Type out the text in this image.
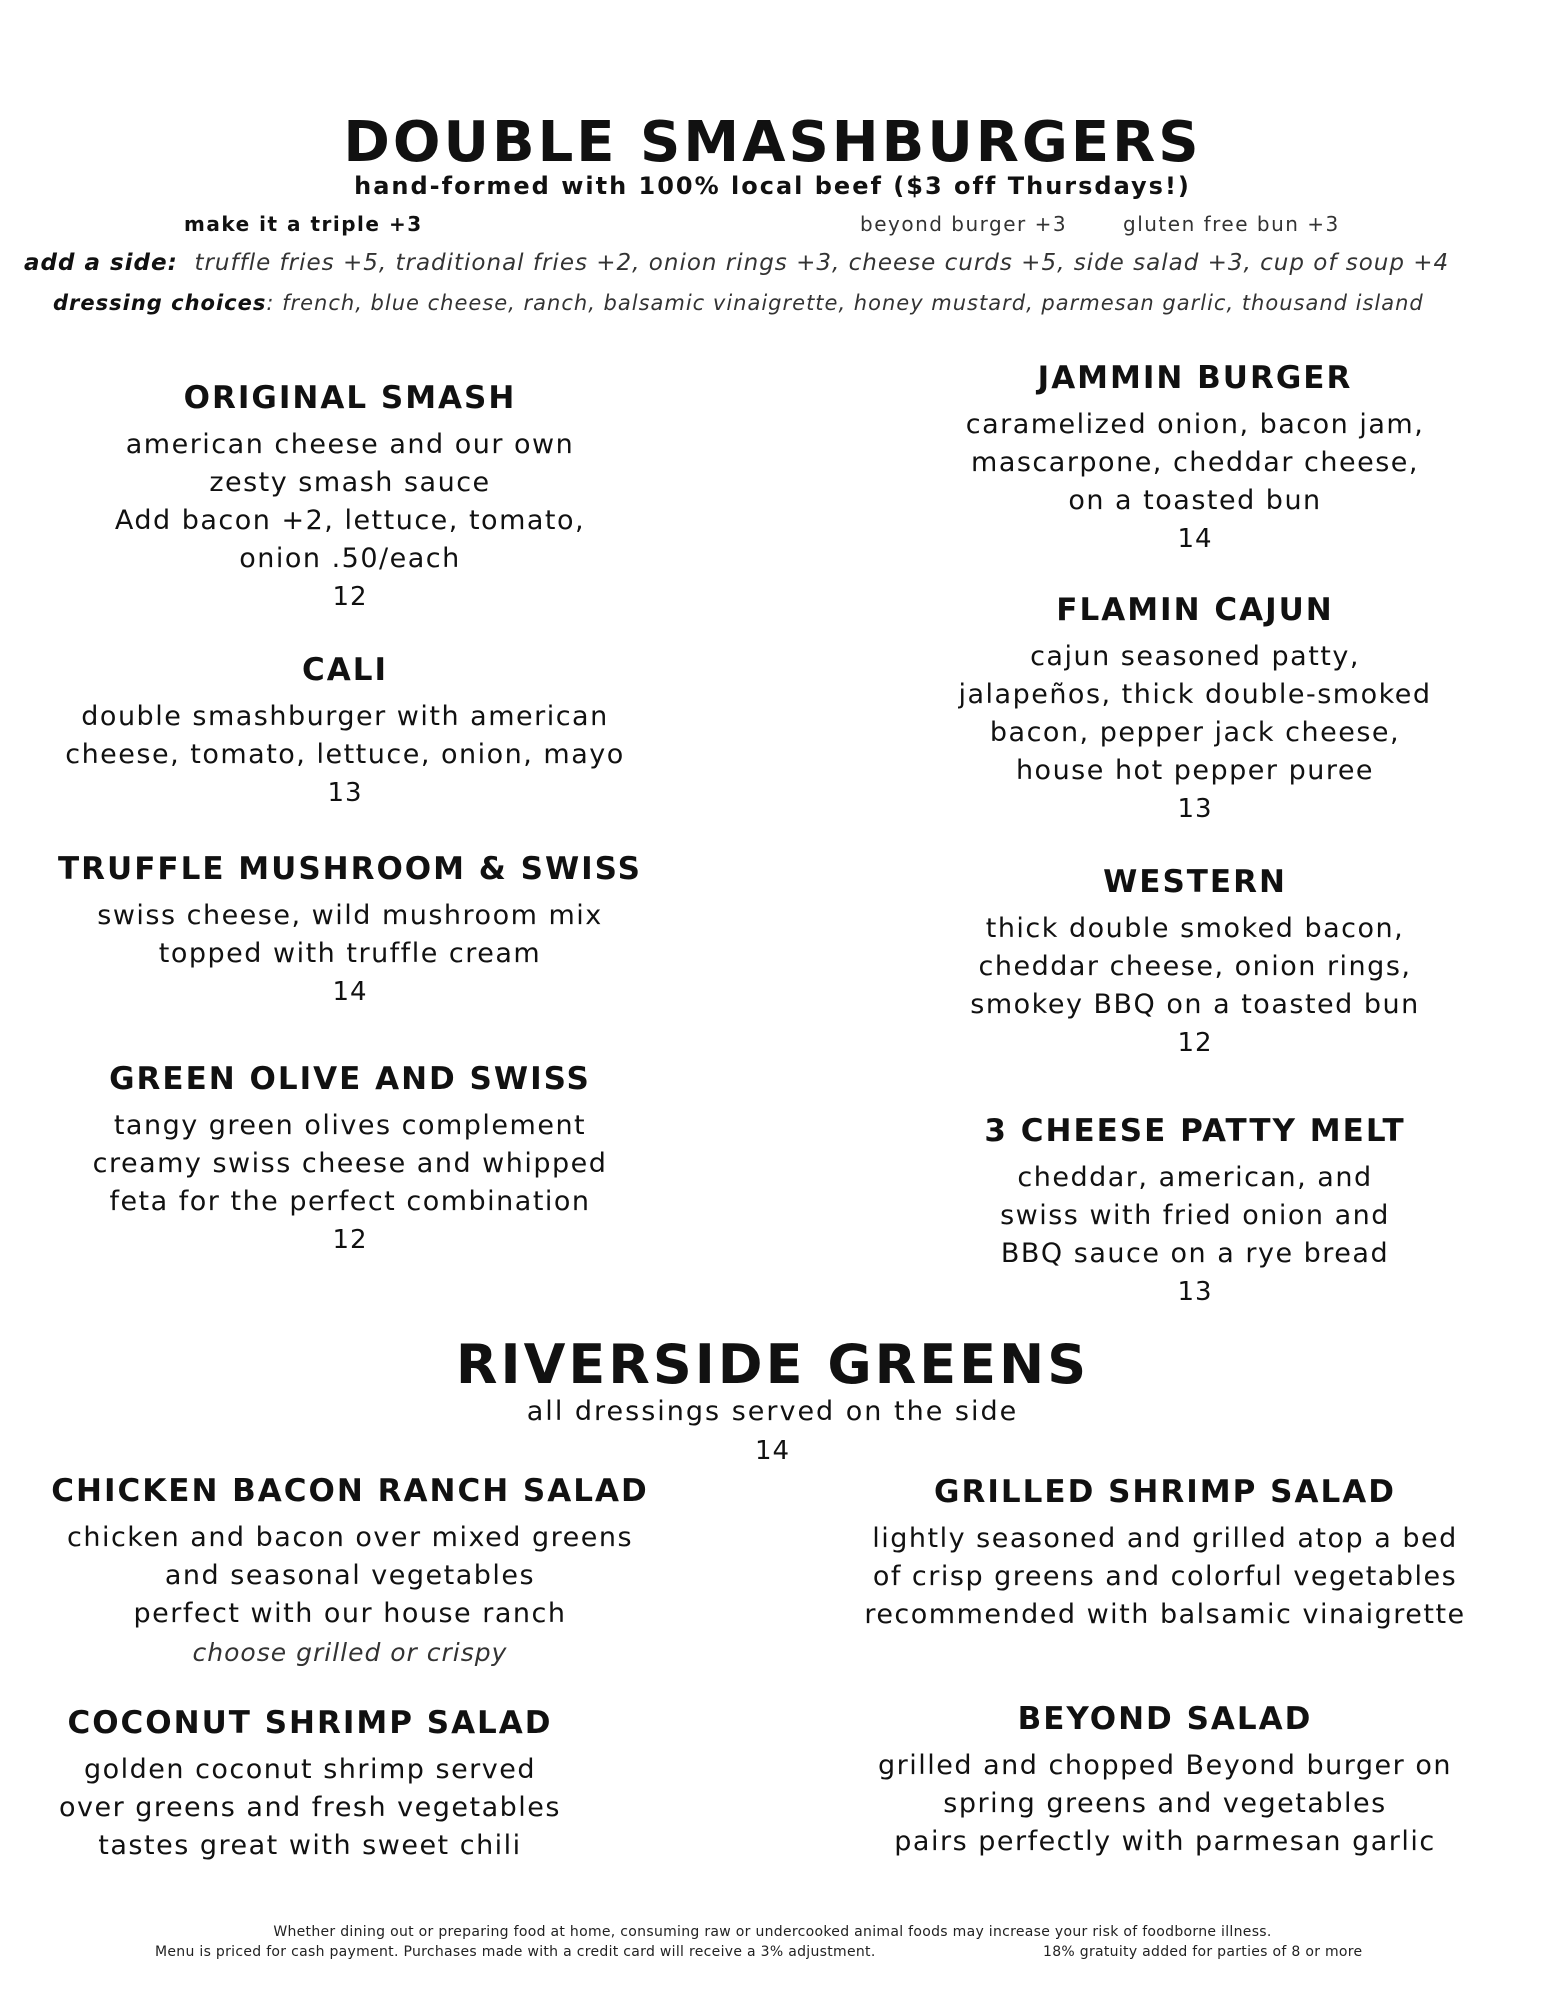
DOUBLE SMASHBURGERS
hand-formed with 100% local beef ($3 off Thursdays!)
make it a triple +3	beyond burger +3	gluten free bun +3
add a side: truffle fries +5, traditional fries +2, onion rings +3, cheese curds +5, side salad +3, cup of soup +4
dressing choices: french, blue cheese, ranch, balsamic vinaigrette, honey mustard, parmesan garlic, thousand island
ORIGINAL SMASH
american cheese and our own
zesty smash sauce
Add bacon +2, lettuce, tomato,
onion .50/each
12
CALI
double smashburger with american
cheese, tomato, lettuce, onion, mayo
13
TRUFFLE MUSHROOM & SWISS
swiss cheese, wild mushroom mix
topped with truffle cream
14
GREEN OLIVE AND SWISS
tangy green olives complement
creamy swiss cheese and whipped
feta for the perfect combination
12
JAMMIN BURGER
caramelized onion, bacon jam,
mascarpone, cheddar cheese,
on a toasted bun
14
FLAMIN CAJUN
cajun seasoned patty,
jalapeños, thick double-smoked
bacon, pepper jack cheese,
house hot pepper puree
13
WESTERN
thick double smoked bacon,
cheddar cheese, onion rings,
smokey BBQ on a toasted bun
12
3 CHEESE PATTY MELT
cheddar, american, and
swiss with fried onion and
BBQ sauce on a rye bread
13
RIVERSIDE GREENS
all dressings served on the side
14
CHICKEN BACON RANCH SALAD
chicken and bacon over mixed greens
and seasonal vegetables
perfect with our house ranch
choose grilled or crispy
COCONUT SHRIMP SALAD
golden coconut shrimp served
over greens and fresh vegetables
tastes great with sweet chili
GRILLED SHRIMP SALAD
lightly seasoned and grilled atop a bed
of crisp greens and colorful vegetables
recommended with balsamic vinaigrette
BEYOND SALAD
grilled and chopped Beyond burger on
spring greens and vegetables
pairs perfectly with parmesan garlic
Whether dining out or preparing food at home, consuming raw or undercooked animal foods may increase your risk of foodborne illness.
Menu is priced for cash payment. Purchases made with a credit card will receive a 3% adjustment.	18% gratuity added for parties of 8 or more
